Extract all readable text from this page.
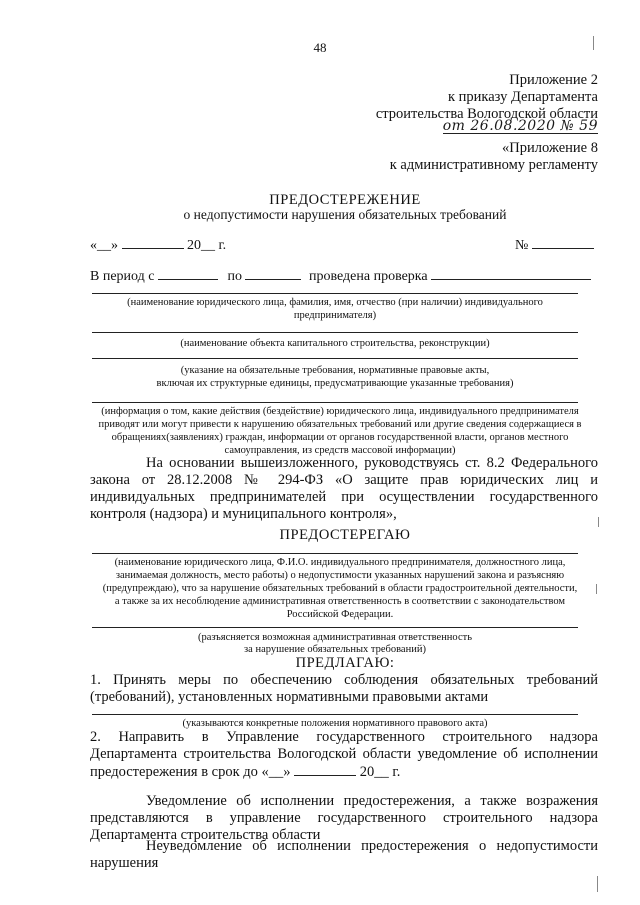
48
Приложение 2
к приказу Департамента
строительства Вологодской области
от 26.08.2020 № 59
«Приложение 8
к административному регламенту
ПРЕДОСТЕРЕЖЕНИЕ
о недопустимости нарушения обязательных требований
«__»	20__ г.	№
В период с	по	проведена проверка
(наименование юридического лица, фамилия, имя, отчество (при наличии) индивидуального предпринимателя)
(наименование объекта капитального строительства, реконструкции)
(указание на обязательные требования, нормативные правовые акты,
включая их структурные единицы, предусматривающие указанные требования)
(информация о том, какие действия (бездействие) юридического лица, индивидуального предпринимателя приводят или могут привести к нарушению обязательных требований или другие сведения содержащиеся в обращениях(заявлениях) граждан, информации от органов государственной власти, органов местного самоуправления, из средств массовой информации)
На основании вышеизложенного, руководствуясь ст. 8.2 Федерального закона от 28.12.2008 № 294-ФЗ «О защите прав юридических лиц и индивидуальных предпринимателей при осуществлении государственного контроля (надзора) и муниципального контроля»,
ПРЕДОСТЕРЕГАЮ
(наименование юридического лица, Ф.И.О. индивидуального предпринимателя, должностного лица, занимаемая должность, место работы) о недопустимости указанных нарушений закона и разъясняю (предупреждаю), что за нарушение обязательных требований в области градостроительной деятельности, а также за их несоблюдение административная ответственность в соответствии с законодательством Российской Федерации.
(разъясняется возможная административная ответственность
за нарушение обязательных требований)
ПРЕДЛАГАЮ:
1. Принять меры по обеспечению соблюдения обязательных требований (требований), установленных нормативными правовыми актами
(указываются конкретные положения нормативного правового акта)
2. Направить в Управление государственного строительного надзора Департамента строительства Вологодской области уведомление об исполнении предостережения в срок до «__»	20__ г.
Уведомление об исполнении предостережения, а также возражения представляются в управление государственного строительного надзора Департамента строительства области
Неуведомление об исполнении предостережения о недопустимости нарушения
